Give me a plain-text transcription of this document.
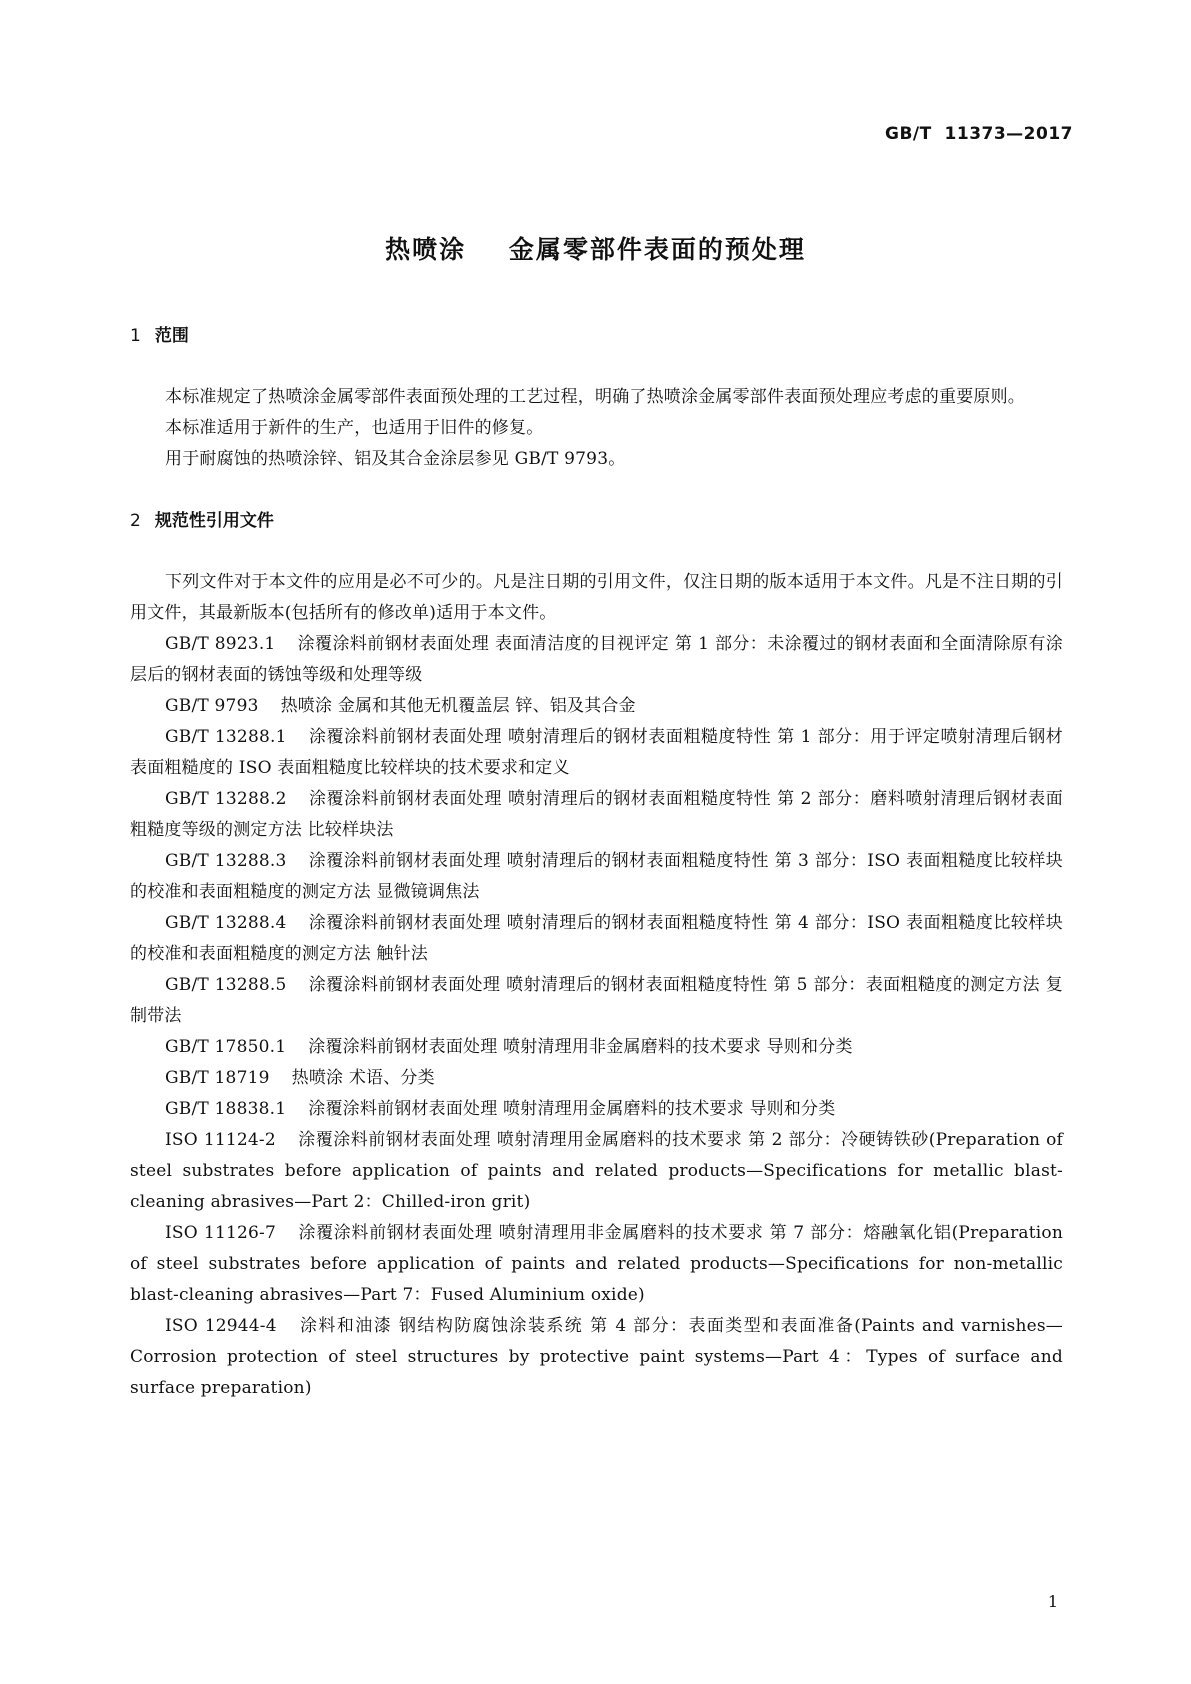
GB/T  11373—2017
热喷涂    金属零部件表面的预处理
1 范围

本标准规定了热喷涂金属零部件表面预处理的工艺过程，明确了热喷涂金属零部件表面预处理应考虑的重要原则。

本标准适用于新件的生产，也适用于旧件的修复。

用于耐腐蚀的热喷涂锌、铝及其合金涂层参见 GB/T 9793。

2 规范性引用文件

下列文件对于本文件的应用是必不可少的。凡是注日期的引用文件，仅注日期的版本适用于本文件。凡是不注日期的引用文件，其最新版本(包括所有的修改单)适用于本文件。

GB/T 8923.1 涂覆涂料前钢材表面处理 表面清洁度的目视评定 第 1 部分：未涂覆过的钢材表面和全面清除原有涂层后的钢材表面的锈蚀等级和处理等级

GB/T 9793 热喷涂 金属和其他无机覆盖层 锌、铝及其合金

GB/T 13288.1 涂覆涂料前钢材表面处理 喷射清理后的钢材表面粗糙度特性 第 1 部分：用于评定喷射清理后钢材表面粗糙度的 ISO 表面粗糙度比较样块的技术要求和定义

GB/T 13288.2 涂覆涂料前钢材表面处理 喷射清理后的钢材表面粗糙度特性 第 2 部分：磨料喷射清理后钢材表面粗糙度等级的测定方法 比较样块法

GB/T 13288.3 涂覆涂料前钢材表面处理 喷射清理后的钢材表面粗糙度特性 第 3 部分：ISO 表面粗糙度比较样块的校准和表面粗糙度的测定方法 显微镜调焦法

GB/T 13288.4 涂覆涂料前钢材表面处理 喷射清理后的钢材表面粗糙度特性 第 4 部分：ISO 表面粗糙度比较样块的校准和表面粗糙度的测定方法 触针法

GB/T 13288.5 涂覆涂料前钢材表面处理 喷射清理后的钢材表面粗糙度特性 第 5 部分：表面粗糙度的测定方法 复制带法

GB/T 17850.1 涂覆涂料前钢材表面处理 喷射清理用非金属磨料的技术要求 导则和分类

GB/T 18719 热喷涂 术语、分类

GB/T 18838.1 涂覆涂料前钢材表面处理 喷射清理用金属磨料的技术要求 导则和分类

ISO 11124-2 涂覆涂料前钢材表面处理 喷射清理用金属磨料的技术要求 第 2 部分：冷硬铸铁砂(Preparation of steel substrates before application of paints and related products—Specifications for metallic blast-cleaning abrasives—Part 2：Chilled-iron grit)

ISO 11126-7 涂覆涂料前钢材表面处理 喷射清理用非金属磨料的技术要求 第 7 部分：熔融氧化铝(Preparation of steel substrates before application of paints and related products—Specifications for non-metallic blast-cleaning abrasives—Part 7：Fused Aluminium oxide)

ISO 12944-4 涂料和油漆 钢结构防腐蚀涂装系统 第 4 部分：表面类型和表面准备(Paints and varnishes—Corrosion protection of steel structures by protective paint systems—Part 4：Types of surface and surface preparation)

1
